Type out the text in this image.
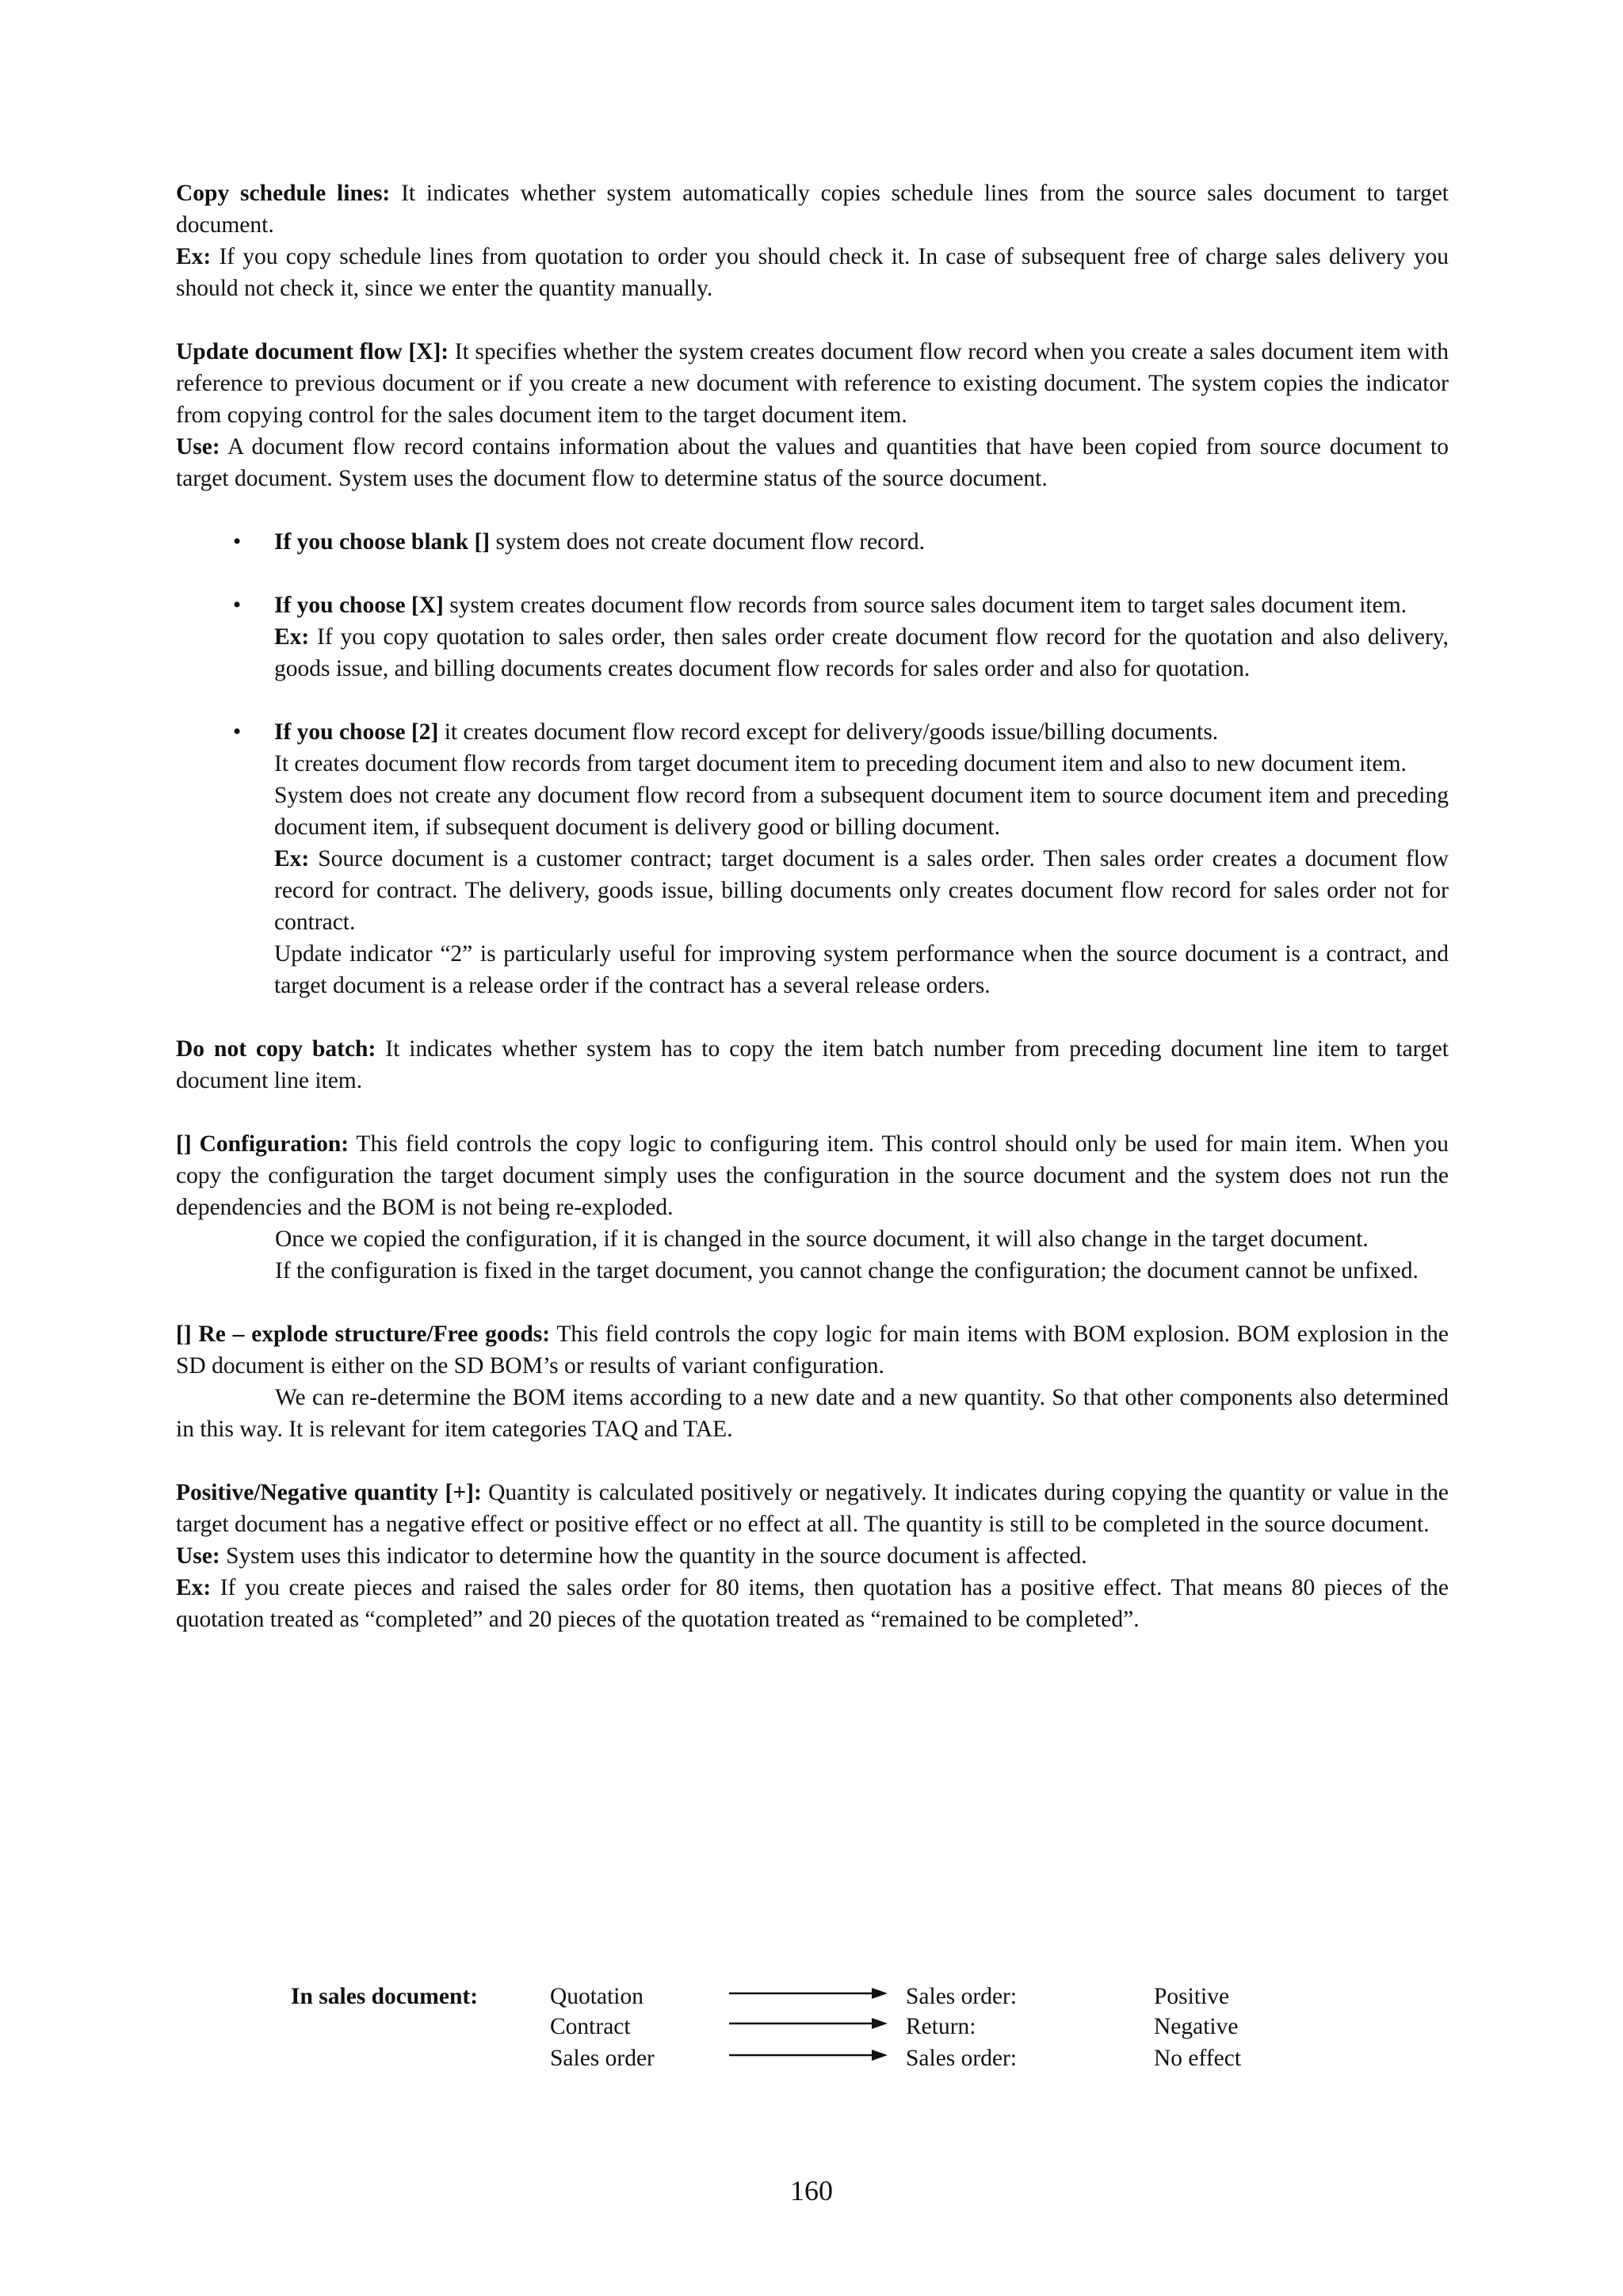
Copy schedule lines: It indicates whether system automatically copies schedule lines from the source sales document to target document.

Ex: If you copy schedule lines from quotation to order you should check it. In case of subsequent free of charge sales delivery you should not check it, since we enter the quantity manually.

Update document flow [X]: It specifies whether the system creates document flow record when you create a sales document item with reference to previous document or if you create a new document with reference to existing document. The system copies the indicator from copying control for the sales document item to the target document item.

Use: A document flow record contains information about the values and quantities that have been copied from source document to target document. System uses the document flow to determine status of the source document.

•	If you choose blank [] system does not create document flow record.

•	If you choose [X] system creates document flow records from source sales document item to target sales document item.

Ex: If you copy quotation to sales order, then sales order create document flow record for the quotation and also delivery, goods issue, and billing documents creates document flow records for sales order and also for quotation.

•	If you choose [2] it creates document flow record except for delivery/goods issue/billing documents.

It creates document flow records from target document item to preceding document item and also to new document item.

System does not create any document flow record from a subsequent document item to source document item and preceding document item, if subsequent document is delivery good or billing document.

Ex: Source document is a customer contract; target document is a sales order. Then sales order creates a document flow record for contract. The delivery, goods issue, billing documents only creates document flow record for sales order not for contract.

Update indicator “2” is particularly useful for improving system performance when the source document is a contract, and target document is a release order if the contract has a several release orders.

Do not copy batch: It indicates whether system has to copy the item batch number from preceding document line item to target document line item.

[] Configuration: This field controls the copy logic to configuring item. This control should only be used for main item. When you copy the configuration the target document simply uses the configuration in the source document and the system does not run the dependencies and the BOM is not being re-exploded.

Once we copied the configuration, if it is changed in the source document, it will also change in the target document.

If the configuration is fixed in the target document, you cannot change the configuration; the document cannot be unfixed.

[] Re – explode structure/Free goods: This field controls the copy logic for main items with BOM explosion. BOM explosion in the SD document is either on the SD BOM’s or results of variant configuration.

We can re-determine the BOM items according to a new date and a new quantity. So that other components also determined in this way. It is relevant for item categories TAQ and TAE.

Positive/Negative quantity [+]: Quantity is calculated positively or negatively. It indicates during copying the quantity or value in the target document has a negative effect or positive effect or no effect at all. The quantity is still to be completed in the source document.

Use: System uses this indicator to determine how the quantity in the source document is affected.

Ex: If you create pieces and raised the sales order for 80 items, then quotation has a positive effect. That means 80 pieces of the quotation treated as “completed” and 20 pieces of the quotation treated as “remained to be completed”.

In sales document:	Quotation	Sales order:	Positive
Contract	Return:	Negative
Sales order	Sales order:	No effect
160
